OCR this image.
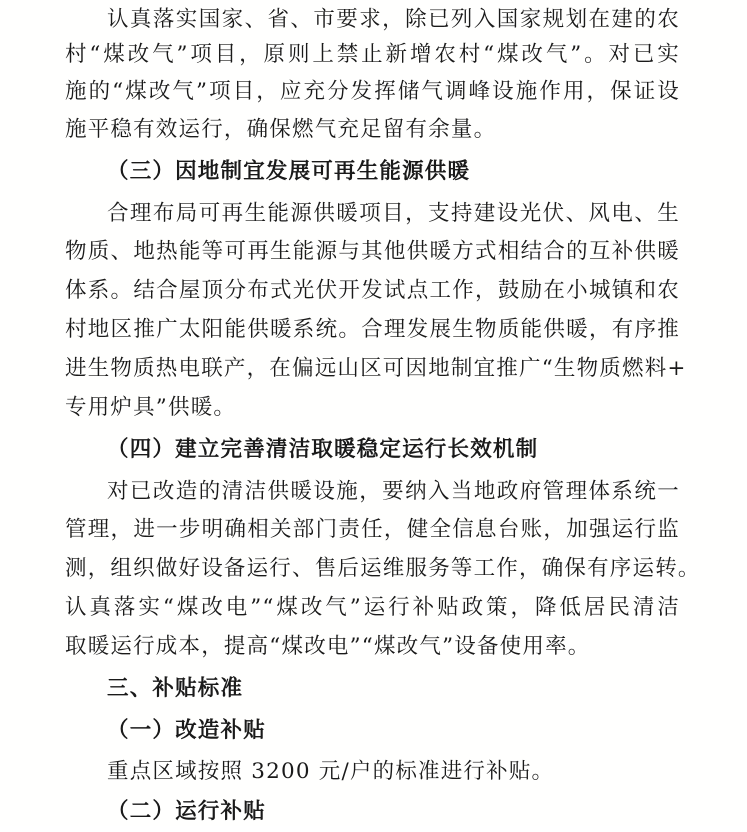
认真落实国家、省、市要求，除已列入国家规划在建的农
村“煤改气”项目，原则上禁止新增农村“煤改气”。对已实
施的“煤改气”项目，应充分发挥储气调峰设施作用，保证设
施平稳有效运行，确保燃气充足留有余量。
（三）因地制宜发展可再生能源供暖
合理布局可再生能源供暖项目，支持建设光伏、风电、生
物质、地热能等可再生能源与其他供暖方式相结合的互补供暖
体系。结合屋顶分布式光伏开发试点工作，鼓励在小城镇和农
村地区推广太阳能供暖系统。合理发展生物质能供暖，有序推
进生物质热电联产，在偏远山区可因地制宜推广“生物质燃料+
专用炉具”供暖。
（四）建立完善清洁取暖稳定运行长效机制
对已改造的清洁供暖设施，要纳入当地政府管理体系统一
管理，进一步明确相关部门责任，健全信息台账，加强运行监
测，组织做好设备运行、售后运维服务等工作，确保有序运转。
认真落实“煤改电”“煤改气”运行补贴政策，降低居民清洁
取暖运行成本，提高“煤改电”“煤改气”设备使用率。
三、补贴标准
（一）改造补贴
重点区域按照 3200 元/户的标准进行补贴。
（二）运行补贴
